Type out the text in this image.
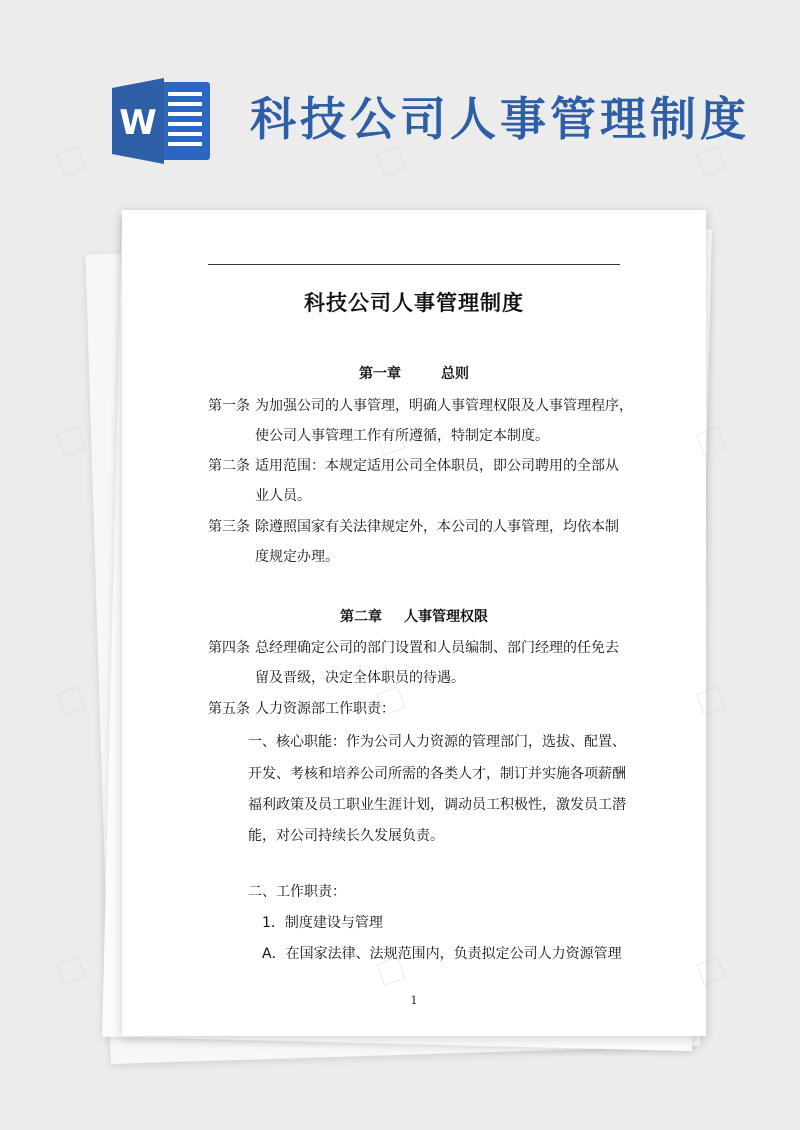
W 科技公司人事管理制度
科技公司人事管理制度
第一章	总则
第一条 为加强公司的人事管理，明确人事管理权限及人事管理程序，
使公司人事管理工作有所遵循，特制定本制度。
第二条 适用范围：本规定适用公司全体职员，即公司聘用的全部从
业人员。
第三条 除遵照国家有关法律规定外，本公司的人事管理，均依本制
度规定办理。
第二章 人事管理权限
第四条 总经理确定公司的部门设置和人员编制、部门经理的任免去
留及晋级，决定全体职员的待遇。
第五条 人力资源部工作职责：
一、核心职能：作为公司人力资源的管理部门，选拔、配置、
开发、考核和培养公司所需的各类人才，制订并实施各项薪酬
福利政策及员工职业生涯计划，调动员工积极性，激发员工潜
能，对公司持续长久发展负责。
二、工作职责：
1．制度建设与管理
A．在国家法律、法规范围内，负责拟定公司人力资源管理
1
